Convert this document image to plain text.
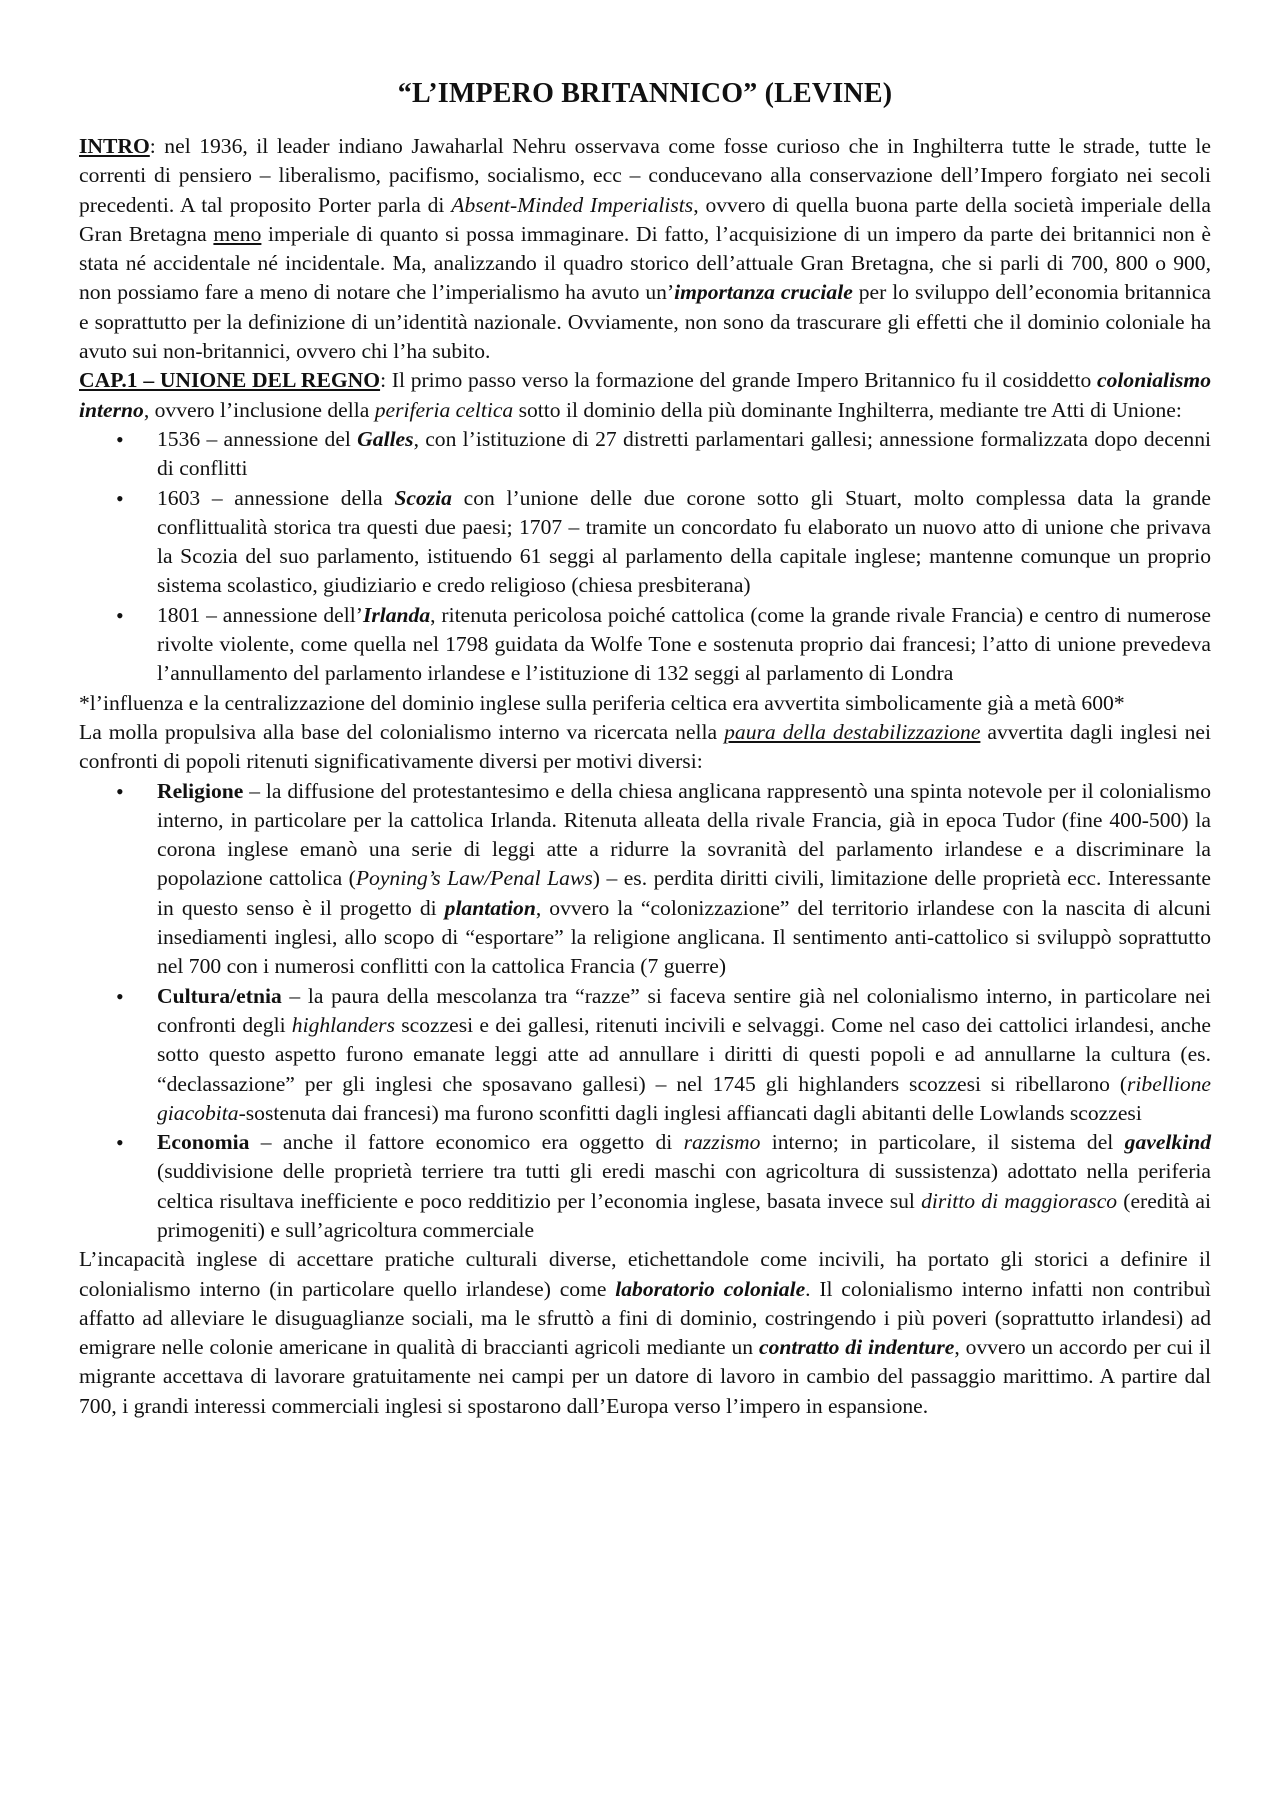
“L’IMPERO BRITANNICO” (LEVINE)

INTRO: nel 1936, il leader indiano Jawaharlal Nehru osservava come fosse curioso che in Inghilterra tutte le strade, tutte le correnti di pensiero – liberalismo, pacifismo, socialismo, ecc – conducevano alla conservazione dell’Impero forgiato nei secoli precedenti. A tal proposito Porter parla di Absent-Minded Imperialists, ovvero di quella buona parte della società imperiale della Gran Bretagna meno imperiale di quanto si possa immaginare. Di fatto, l’acquisizione di un impero da parte dei britannici non è stata né accidentale né incidentale. Ma, analizzando il quadro storico dell’attuale Gran Bretagna, che si parli di 700, 800 o 900, non possiamo fare a meno di notare che l’imperialismo ha avuto un’importanza cruciale per lo sviluppo dell’economia britannica e soprattutto per la definizione di un’identità nazionale. Ovviamente, non sono da trascurare gli effetti che il dominio coloniale ha avuto sui non-britannici, ovvero chi l’ha subito.

CAP.1 – UNIONE DEL REGNO: Il primo passo verso la formazione del grande Impero Britannico fu il cosiddetto colonialismo interno, ovvero l’inclusione della periferia celtica sotto il dominio della più dominante Inghilterra, mediante tre Atti di Unione:

• 1536 – annessione del Galles, con l’istituzione di 27 distretti parlamentari gallesi; annessione formalizzata dopo decenni di conflitti
• 1603 – annessione della Scozia con l’unione delle due corone sotto gli Stuart, molto complessa data la grande conflittualità storica tra questi due paesi; 1707 – tramite un concordato fu elaborato un nuovo atto di unione che privava la Scozia del suo parlamento, istituendo 61 seggi al parlamento della capitale inglese; mantenne comunque un proprio sistema scolastico, giudiziario e credo religioso (chiesa presbiterana)
• 1801 – annessione dell’Irlanda, ritenuta pericolosa poiché cattolica (come la grande rivale Francia) e centro di numerose rivolte violente, come quella nel 1798 guidata da Wolfe Tone e sostenuta proprio dai francesi; l’atto di unione prevedeva l’annullamento del parlamento irlandese e l’istituzione di 132 seggi al parlamento di Londra

*l’influenza e la centralizzazione del dominio inglese sulla periferia celtica era avvertita simbolicamente già a metà 600*

La molla propulsiva alla base del colonialismo interno va ricercata nella paura della destabilizzazione avvertita dagli inglesi nei confronti di popoli ritenuti significativamente diversi per motivi diversi:

• Religione – la diffusione del protestantesimo e della chiesa anglicana rappresentò una spinta notevole per il colonialismo interno, in particolare per la cattolica Irlanda. Ritenuta alleata della rivale Francia, già in epoca Tudor (fine 400-500) la corona inglese emanò una serie di leggi atte a ridurre la sovranità del parlamento irlandese e a discriminare la popolazione cattolica (Poyning’s Law/Penal Laws) – es. perdita diritti civili, limitazione delle proprietà ecc. Interessante in questo senso è il progetto di plantation, ovvero la “colonizzazione” del territorio irlandese con la nascita di alcuni insediamenti inglesi, allo scopo di “esportare” la religione anglicana. Il sentimento anti-cattolico si sviluppò soprattutto nel 700 con i numerosi conflitti con la cattolica Francia (7 guerre)
• Cultura/etnia – la paura della mescolanza tra “razze” si faceva sentire già nel colonialismo interno, in particolare nei confronti degli highlanders scozzesi e dei gallesi, ritenuti incivili e selvaggi. Come nel caso dei cattolici irlandesi, anche sotto questo aspetto furono emanate leggi atte ad annullare i diritti di questi popoli e ad annullarne la cultura (es. “declassazione” per gli inglesi che sposavano gallesi) – nel 1745 gli highlanders scozzesi si ribellarono (ribellione giacobita-sostenuta dai francesi) ma furono sconfitti dagli inglesi affiancati dagli abitanti delle Lowlands scozzesi
• Economia – anche il fattore economico era oggetto di razzismo interno; in particolare, il sistema del gavelkind (suddivisione delle proprietà terriere tra tutti gli eredi maschi con agricoltura di sussistenza) adottato nella periferia celtica risultava inefficiente e poco redditizio per l’economia inglese, basata invece sul diritto di maggiorasco (eredità ai primogeniti) e sull’agricoltura commerciale

L’incapacità inglese di accettare pratiche culturali diverse, etichettandole come incivili, ha portato gli storici a definire il colonialismo interno (in particolare quello irlandese) come laboratorio coloniale. Il colonialismo interno infatti non contribuì affatto ad alleviare le disuguaglianze sociali, ma le sfruttò a fini di dominio, costringendo i più poveri (soprattutto irlandesi) ad emigrare nelle colonie americane in qualità di braccianti agricoli mediante un contratto di indenture, ovvero un accordo per cui il migrante accettava di lavorare gratuitamente nei campi per un datore di lavoro in cambio del passaggio marittimo. A partire dal 700, i grandi interessi commerciali inglesi si spostarono dall’Europa verso l’impero in espansione.
